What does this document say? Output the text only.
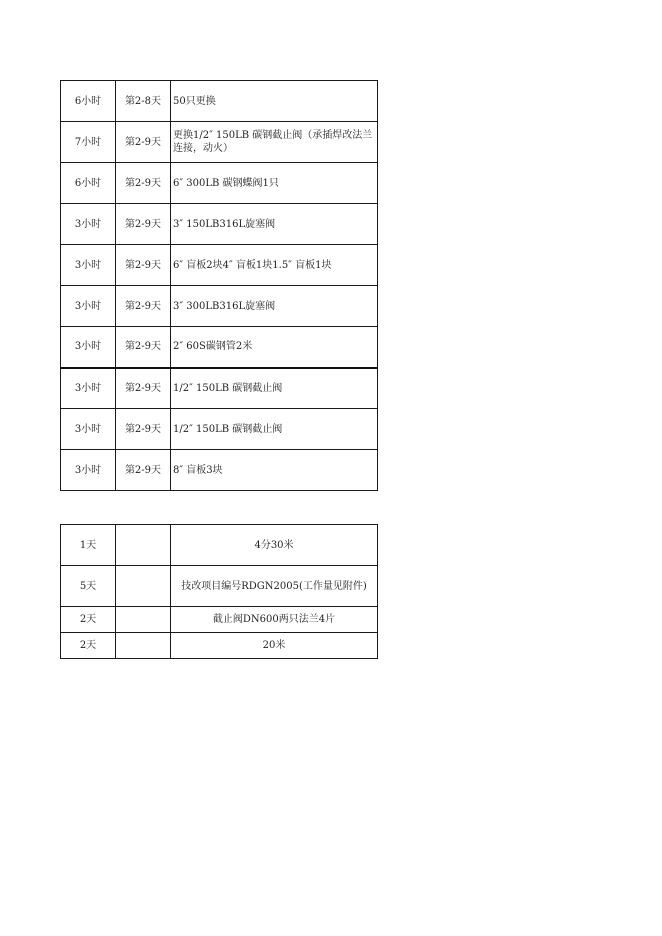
6小时	第2-8天	50只更换
7小时	第2-9天	更换1/2″ 150LB 碳钢截止阀（承插焊改法兰连接，动火）
6小时	第2-9天	6″ 300LB 碳钢蝶阀1只
3小时	第2-9天	3″ 150LB316L旋塞阀
3小时	第2-9天	6″ 盲板2块4″ 盲板1块1.5″ 盲板1块
3小时	第2-9天	3″ 300LB316L旋塞阀
3小时	第2-9天	2″ 60S碳钢管2米
3小时	第2-9天	1/2″ 150LB 碳钢截止阀
3小时	第2-9天	1/2″ 150LB 碳钢截止阀
3小时	第2-9天	8″ 盲板3块
1天		4分30米
5天		技改项目编号RDGN2005(工作量见附件)
2天		截止阀DN600两只法兰4片
2天		20米
